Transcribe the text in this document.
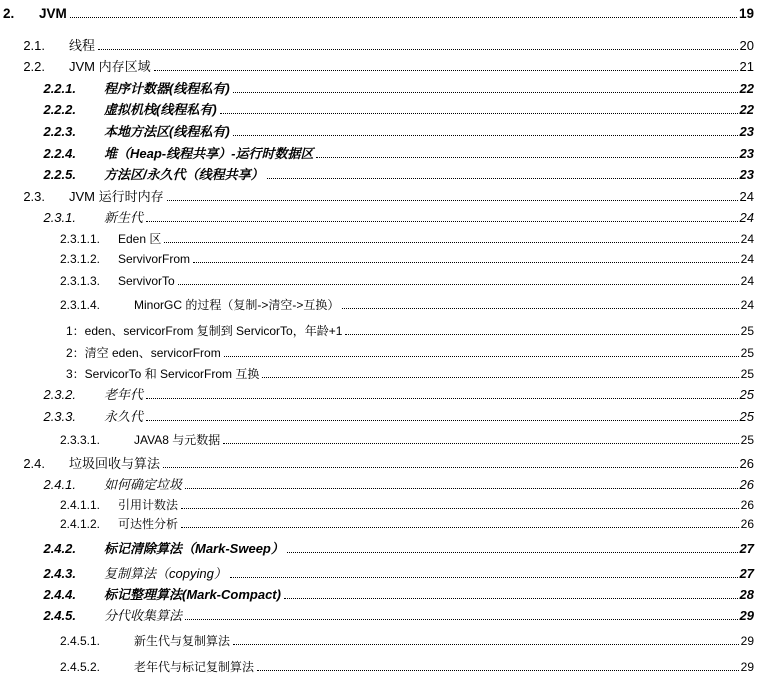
2.	JVM	19
2.1. 线程	20
2.2. JVM 内存区域	21
2.2.1. 程序计数器(线程私有)	22
2.2.2. 虚拟机栈(线程私有)	22
2.2.3. 本地方法区(线程私有)	23
2.2.4. 堆（Heap-线程共享）-运行时数据区	23
2.2.5. 方法区/永久代（线程共享）	23
2.3. JVM 运行时内存	24
2.3.1. 新生代	24
2.3.1.1. Eden 区	24
2.3.1.2. ServivorFrom	24
2.3.1.3. ServivorTo	24
2.3.1.4.	MinorGC 的过程（复制->清空->互换）	24
1：eden、servicorFrom 复制到 ServicorTo，年龄+1	25
2：清空 eden、servicorFrom	25
3：ServicorTo 和 ServicorFrom 互换	25
2.3.2. 老年代	25
2.3.3. 永久代	25
2.3.3.1.	JAVA8 与元数据	25
2.4. 垃圾回收与算法	26
2.4.1. 如何确定垃圾	26
2.4.1.1. 引用计数法	26
2.4.1.2. 可达性分析	26
2.4.2. 标记清除算法（Mark-Sweep）	27
2.4.3. 复制算法（copying）	27
2.4.4. 标记整理算法(Mark-Compact)	28
2.4.5. 分代收集算法	29
2.4.5.1.	新生代与复制算法	29
2.4.5.2.	老年代与标记复制算法	29
